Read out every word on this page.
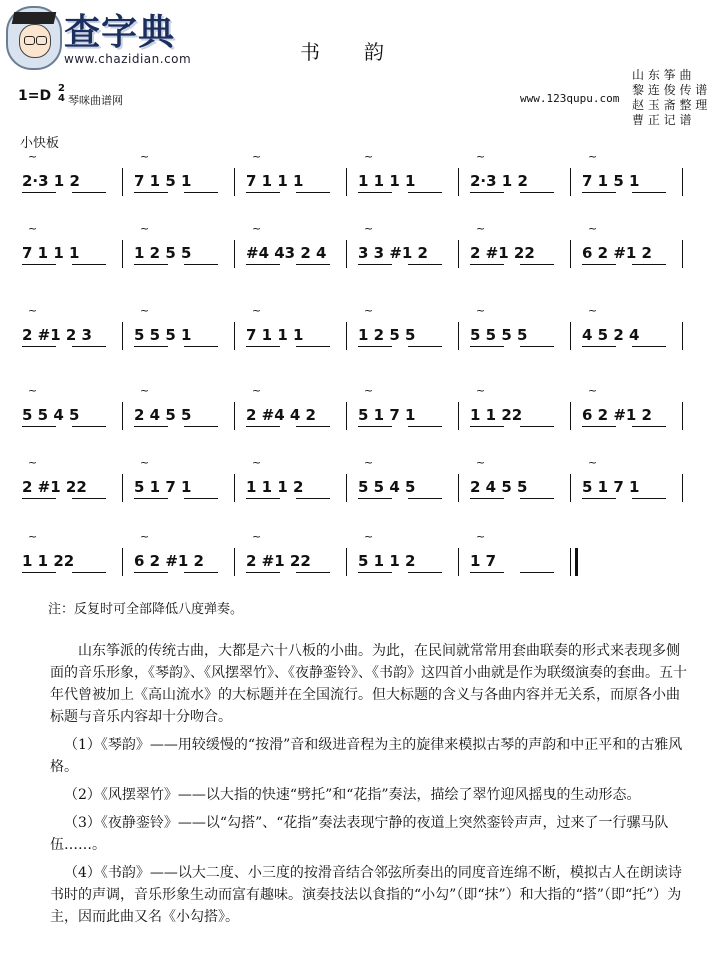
查字典
www.chazidian.com	书韵
1=D 2
4 琴咪曲谱网	www.123qupu.com
山 东 筝 曲
黎 连 俊 传 谱
赵 玉 斋 整 理
曹 正 记 谱
小快板
2·3 1 2
~
7 1 5 1
~
7 1 1 1
~
1 1 1 1
~
2·3 1 2
~
7 1 5 1
~
7 1 1 1
~
1 2 5 5
~
#4 43 2 4
~
3 3 #1 2
~
2 #1 22
~
6 2 #1 2
~
2 #1 2 3
~
5 5 5 1
~
7 1 1 1
~
1 2 5 5
~
5 5 5 5
~
4 5 2 4
~
5 5 4 5
~
2 4 5 5
~
2 #4 4 2
~
5 1 7 1
~
1 1 22
~
6 2 #1 2
~
2 #1 22
~
5 1 7 1
~
1 1 1 2
~
5 5 4 5
~
2 4 5 5
~
5 1 7 1
~
1 1 22
~
6 2 #1 2
~
2 #1 22
~
5 1 1 2
~
1 7
~
注：反复时可全部降低八度弹奏。

山东筝派的传统古曲，大都是六十八板的小曲。为此，在民间就常常用套曲联奏的形式来表现多侧面的音乐形象，《琴韵》、《风摆翠竹》、《夜静銮铃》、《书韵》这四首小曲就是作为联缀演奏的套曲。五十年代曾被加上《高山流水》的大标题并在全国流行。但大标题的含义与各曲内容并无关系，而原各小曲标题与音乐内容却十分吻合。

（1）《琴韵》——用较缓慢的“按滑”音和级进音程为主的旋律来模拟古琴的声韵和中正平和的古雅风格。

（2）《风摆翠竹》——以大指的快速“劈托”和“花指”奏法，描绘了翠竹迎风摇曳的生动形态。

（3）《夜静銮铃》——以“勾搭”、“花指”奏法表现宁静的夜道上突然銮铃声声，过来了一行骡马队伍……。

（4）《书韵》——以大二度、小三度的按滑音结合邻弦所奏出的同度音连绵不断，模拟古人在朗读诗书时的声调，音乐形象生动而富有趣味。演奏技法以食指的“小勾”（即“抹”）和大指的“搭”（即“托”）为主，因而此曲又名《小勾搭》。
